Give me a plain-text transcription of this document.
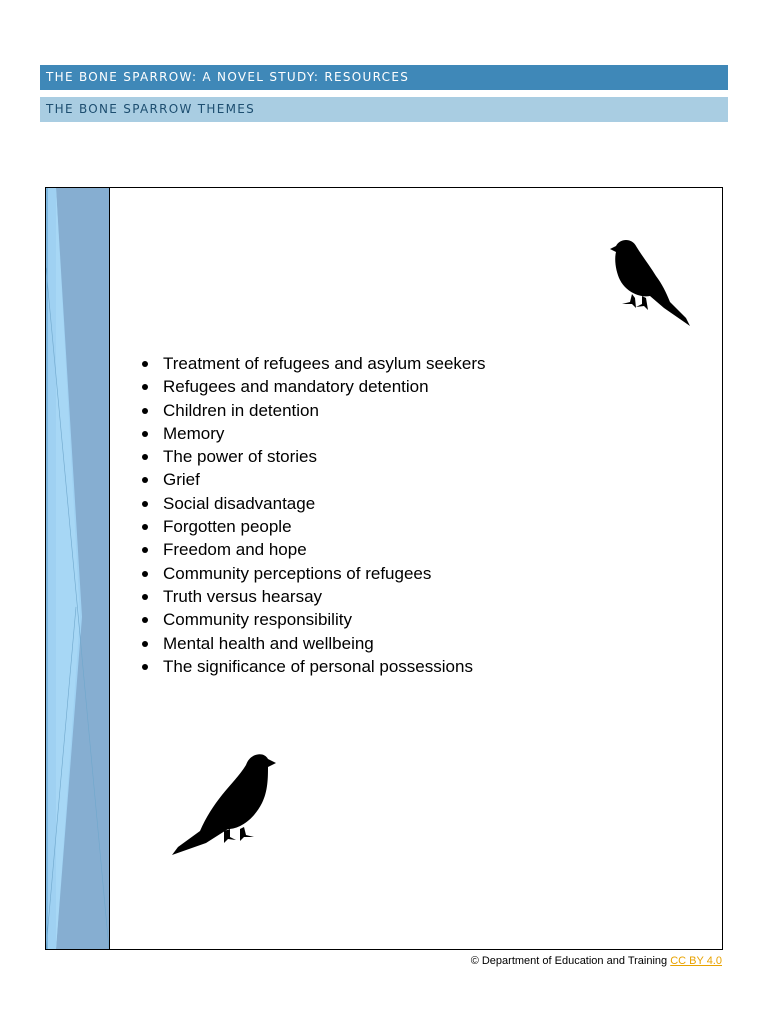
THE BONE SPARROW: A NOVEL STUDY: RESOURCES
THE BONE SPARROW THEMES
Treatment of refugees and asylum seekers
Refugees and mandatory detention
Children in detention
Memory
The power of stories
Grief
Social disadvantage
Forgotten people
Freedom and hope
Community perceptions of refugees
Truth versus hearsay
Community responsibility
Mental health and wellbeing
The significance of personal possessions
© Department of Education and Training CC BY 4.0
